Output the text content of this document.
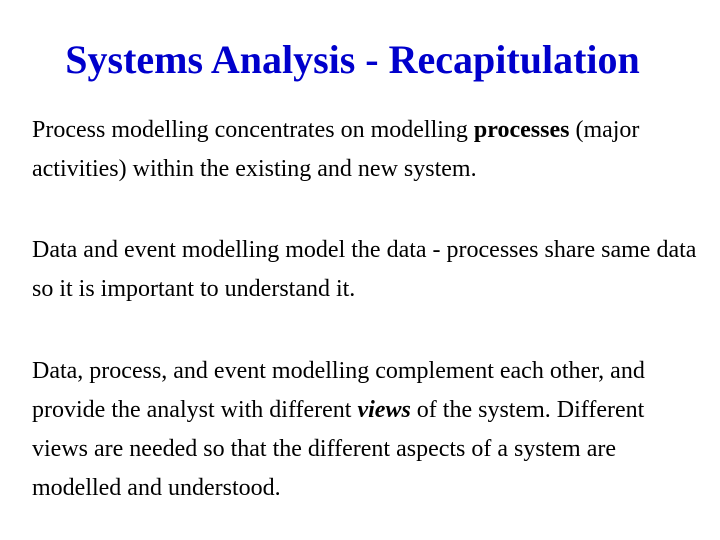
Systems Analysis - Recapitulation
Process modelling concentrates on modelling processes (major activities) within the existing and new system.
Data and event modelling model the data - processes share same data so it is important to understand it.
Data, process, and event modelling complement each other, and provide the analyst with different views of the system. Different views are needed so that the different aspects of a system are modelled and understood.
